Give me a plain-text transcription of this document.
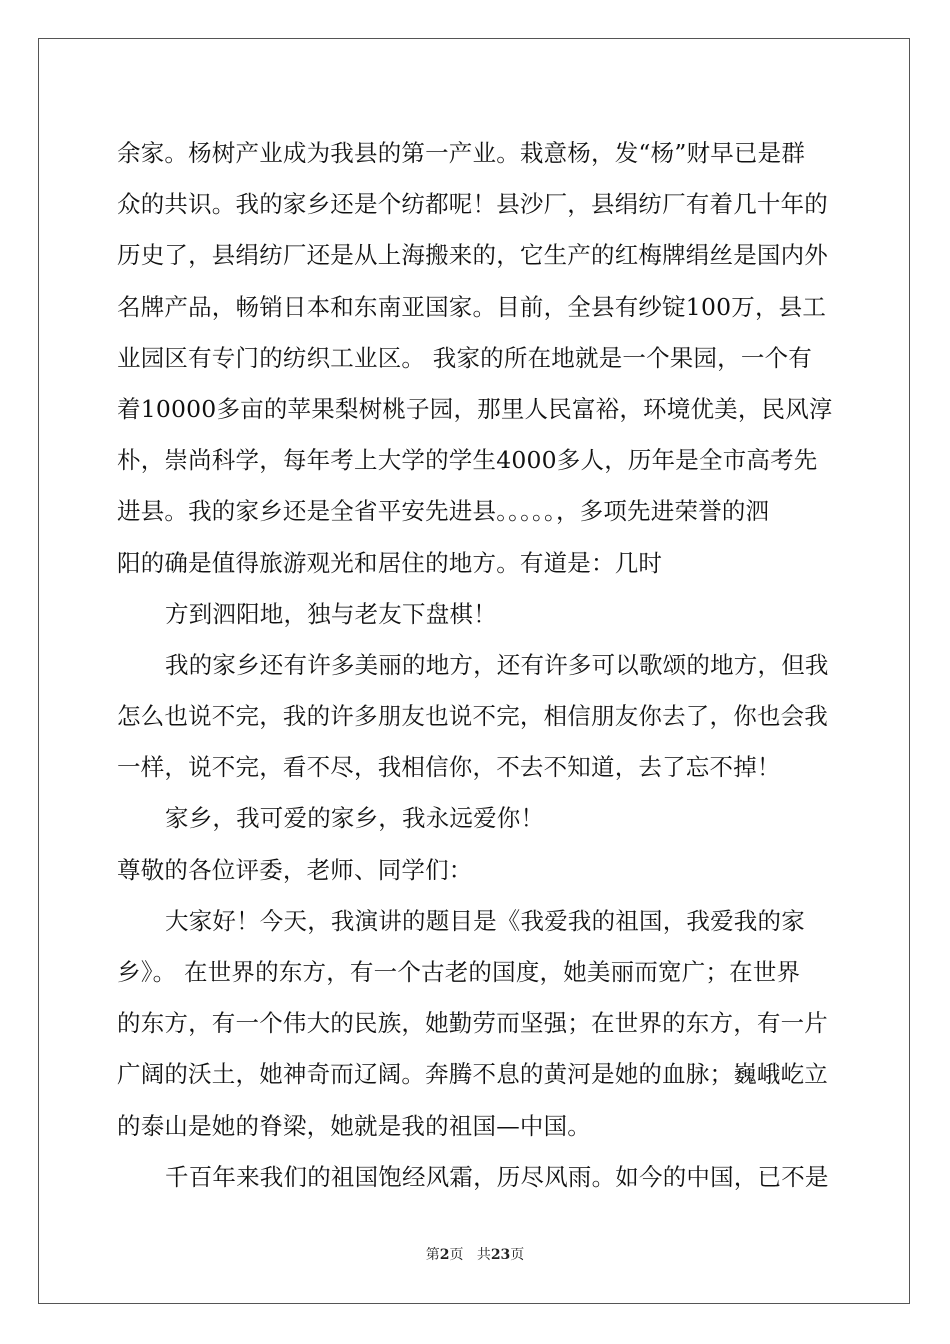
余家。杨树产业成为我县的第一产业。栽意杨，发“杨”财早已是群
众的共识。我的家乡还是个纺都呢！县沙厂，县绢纺厂有着几十年的
历史了，县绢纺厂还是从上海搬来的，它生产的红梅牌绢丝是国内外
名牌产品，畅销日本和东南亚国家。目前，全县有纱锭100万，县工
业园区有专门的纺织工业区。 我家的所在地就是一个果园，一个有
着10000多亩的苹果梨树桃子园，那里人民富裕，环境优美，民风淳
朴，崇尚科学，每年考上大学的学生4000多人，历年是全市高考先
进县。我的家乡还是全省平安先进县。。。。。，多项先进荣誉的泗
阳的确是值得旅游观光和居住的地方。有道是：几时
方到泗阳地，独与老友下盘棋！
我的家乡还有许多美丽的地方，还有许多可以歌颂的地方，但我
怎么也说不完，我的许多朋友也说不完，相信朋友你去了，你也会我
一样，说不完，看不尽，我相信你，不去不知道，去了忘不掉！
家乡，我可爱的家乡，我永远爱你！
尊敬的各位评委，老师、同学们：
大家好！今天，我演讲的题目是《我爱我的祖国，我爱我的家
乡》。 在世界的东方，有一个古老的国度，她美丽而宽广；在世界
的东方，有一个伟大的民族，她勤劳而坚强；在世界的东方，有一片
广阔的沃土，她神奇而辽阔。奔腾不息的黄河是她的血脉；巍峨屹立
的泰山是她的脊梁，她就是我的祖国—中国。
千百年来我们的祖国饱经风霜，历尽风雨。如今的中国，已不是
第2页 共23页
